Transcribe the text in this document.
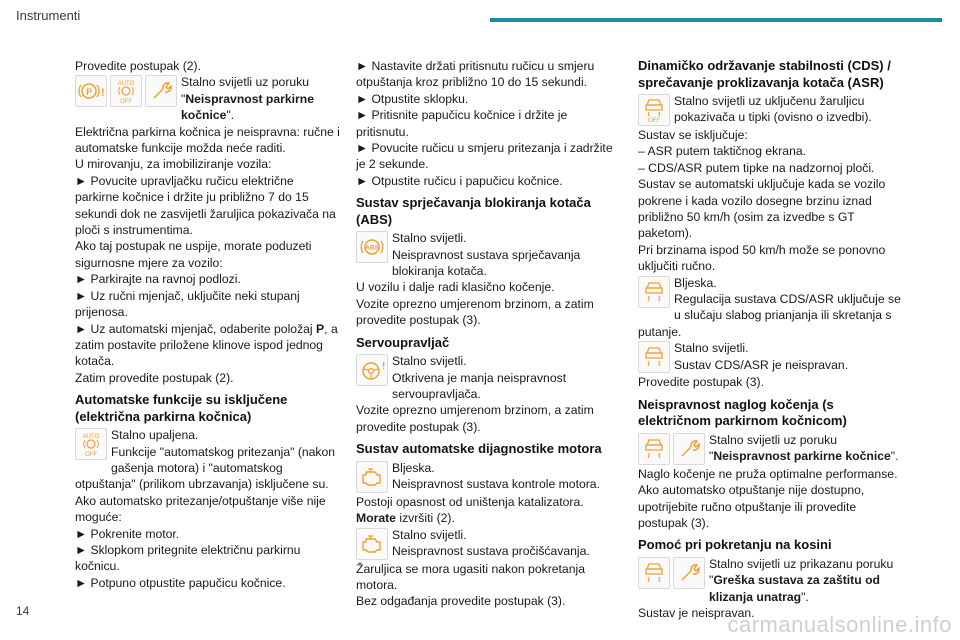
Instrumenti

Provedite postupak (2).

P !
AUTO
OFF

Stalno svijetli uz poruku "Neispravnost parkirne kočnice".

Električna parkirna kočnica je neispravna: ručne i automatske funkcije možda neće raditi.

U mirovanju, za imobiliziranje vozila:

► Povucite upravljačku ručicu električne parkirne kočnice i držite ju približno 7 do 15 sekundi dok ne zasvijetli žaruljica pokazivača na ploči s instrumentima.

Ako taj postupak ne uspije, morate poduzeti sigurnosne mjere za vozilo:

► Parkirajte na ravnoj podlozi.

► Uz ručni mjenjač, uključite neki stupanj prijenosa.

► Uz automatski mjenjač, odaberite položaj P, a zatim postavite priložene klinove ispod jednog kotača.

Zatim provedite postupak (2).

Automatske funkcije su isključene (električna parkirna kočnica)
AUTO
OFF

Stalno upaljena.

Funkcije "automatskog pritezanja" (nakon gašenja motora) i "automatskog otpuštanja" (prilikom ubrzavanja) isključene su.

Ako automatsko pritezanje/otpuštanje više nije moguće:

► Pokrenite motor.

► Sklopkom pritegnite električnu parkirnu kočnicu.

► Potpuno otpustite papučicu kočnice.

► Nastavite držati pritisnutu ručicu u smjeru otpuštanja kroz približno 10 do 15 sekundi.

► Otpustite sklopku.

► Pritisnite papučicu kočnice i držite je pritisnutu.

► Povucite ručicu u smjeru pritezanja i zadržite je 2 sekunde.

► Otpustite ručicu i papučicu kočnice.

Sustav sprječavanja blokiranja kotača (ABS)
ABS

Stalno svijetli.

Neispravnost sustava sprječavanja blokiranja kotača.

U vozilu i dalje radi klasično kočenje.

Vozite oprezno umjerenom brzinom, a zatim provedite postupak (3).

Servoupravljač
! Stalno svijetli.

Otkrivena je manja neispravnost servoupravljača.

Vozite oprezno umjerenom brzinom, a zatim provedite postupak (3).

Sustav automatske dijagnostike motora

Bljeska.

Neispravnost sustava kontrole motora.

Postoji opasnost od uništenja katalizatora.

Morate izvršiti (2).

Stalno svijetli.

Neispravnost sustava pročišćavanja.

Žaruljica se mora ugasiti nakon pokretanja motora.

Bez odgađanja provedite postupak (3).

Dinamičko održavanje stabilnosti (CDS) / sprečavanje proklizavanja kotača (ASR)
OFF

Stalno svijetli uz uključenu žaruljicu pokazivača u tipki (ovisno o izvedbi).

Sustav se isključuje:

– ASR putem taktičnog ekrana.

– CDS/ASR putem tipke na nadzornoj ploči.

Sustav se automatski uključuje kada se vozilo pokrene i kada vozilo dosegne brzinu iznad približno 50 km/h (osim za izvedbe s GT paketom).

Pri brzinama ispod 50 km/h može se ponovno uključiti ručno.

Bljeska.

Regulacija sustava CDS/ASR uključuje se u slučaju slabog prianjanja ili skretanja s putanje.

Stalno svijetli.

Sustav CDS/ASR je neispravan.

Provedite postupak (3).

Neispravnost naglog kočenja (s električnom parkirnom kočnicom)

Stalno svijetli uz poruku "Neispravnost parkirne kočnice".

Naglo kočenje ne pruža optimalne performanse.

Ako automatsko otpuštanje nije dostupno, upotrijebite ručno otpuštanje ili provedite postupak (3).

Pomoć pri pokretanju na kosini

Stalno svijetli uz prikazanu poruku "Greška sustava za zaštitu od klizanja unatrag".

Sustav je neispravan.

14
carmanualsonline.info
